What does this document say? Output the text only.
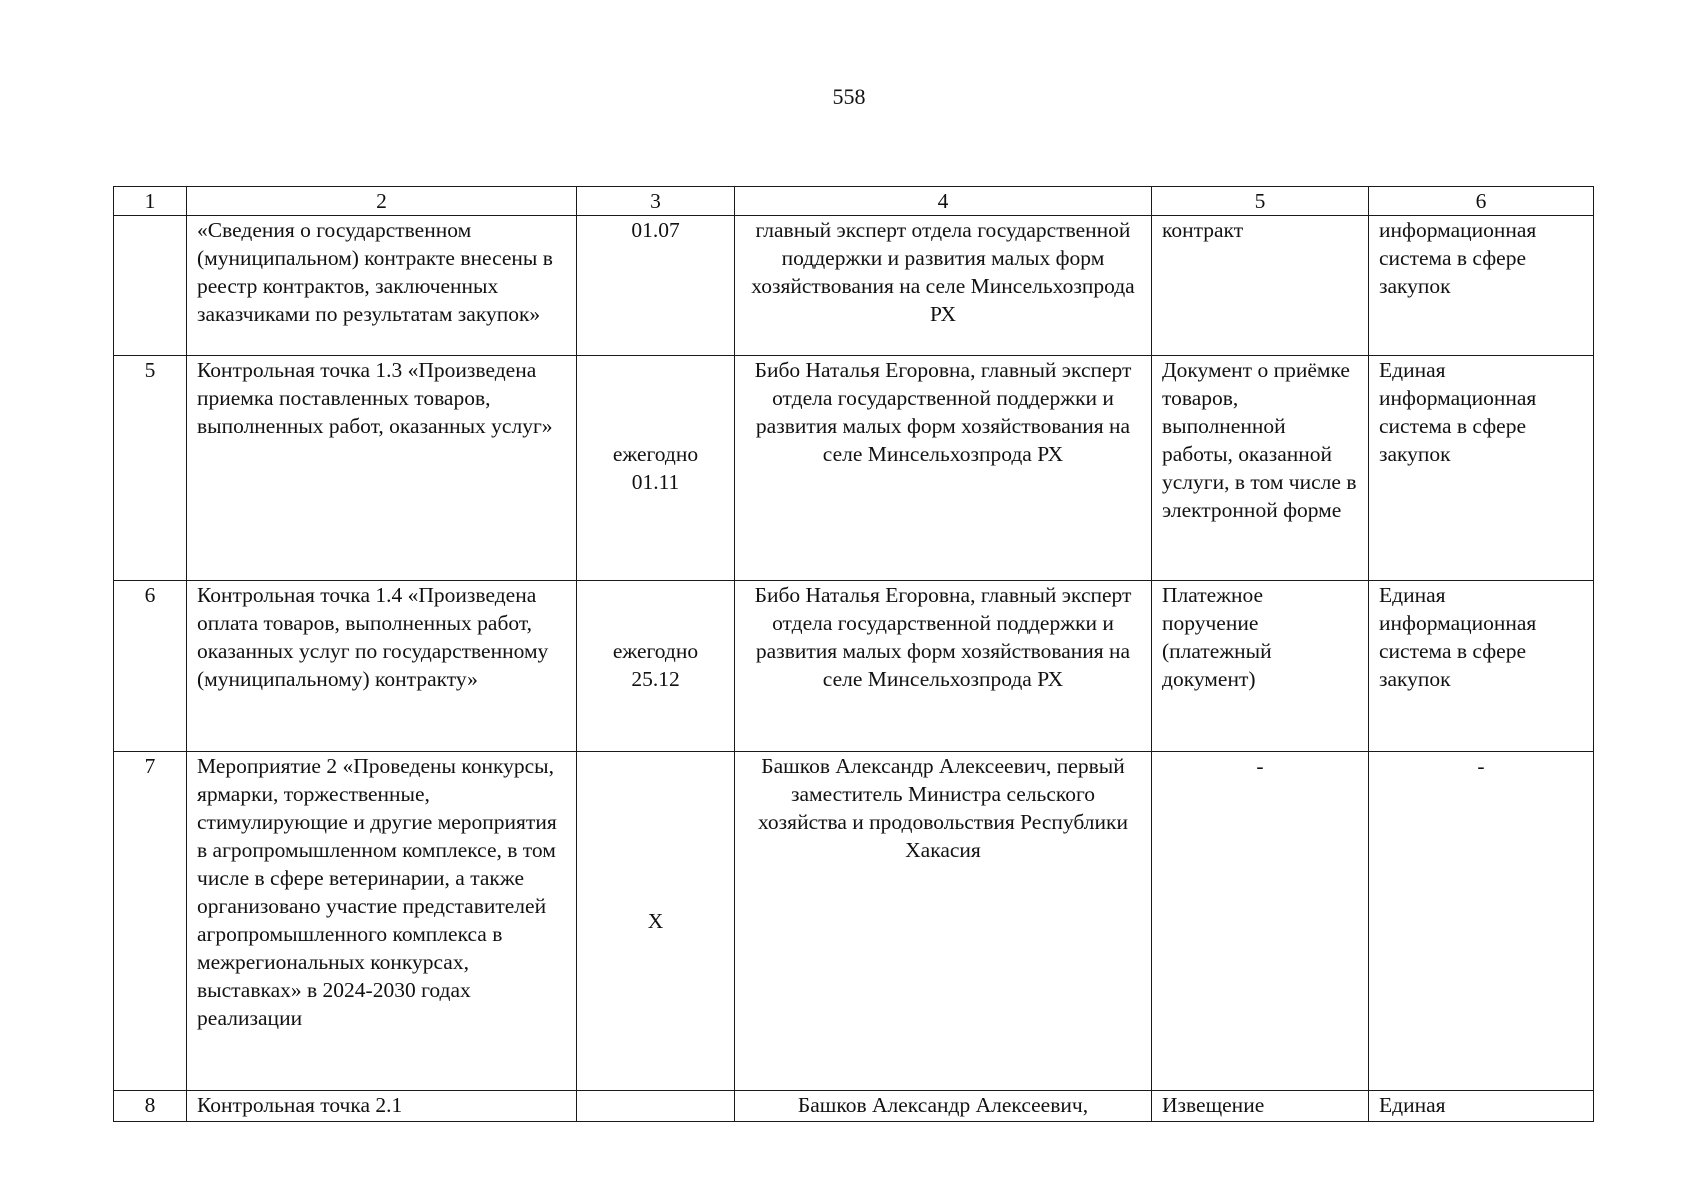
558
1	2	3	4	5	6
	«Сведения о государственном (муниципальном) контракте внесены в реестр контрактов, заключенных заказчиками по результатам закупок»	01.07	главный эксперт отдела государственной поддержки и развития малых форм хозяйствования на селе Минсельхозпрода РХ	контракт	информационная система в сфере закупок
5	Контрольная точка 1.3 «Произведена приемка поставленных товаров, выполненных работ, оказанных услуг»	ежегодно 01.11	Бибо Наталья Егоровна, главный эксперт отдела государственной поддержки и развития малых форм хозяйствования на селе Минсельхозпрода РХ	Документ о приёмке товаров, выполненной работы, оказанной услуги, в том числе в электронной форме	Единая информационная система в сфере закупок
6	Контрольная точка 1.4 «Произведена оплата товаров, выполненных работ, оказанных услуг по государственному (муниципальному) контракту»	ежегодно 25.12	Бибо Наталья Егоровна, главный эксперт отдела государственной поддержки и развития малых форм хозяйствования на селе Минсельхозпрода РХ	Платежное поручение (платежный документ)	Единая информационная система в сфере закупок
7	Мероприятие 2 «Проведены конкурсы, ярмарки, торжественные, стимулирующие и другие мероприятия в агропромышленном комплексе, в том числе в сфере ветеринарии, а также организовано участие представителей агропромышленного комплекса в межрегиональных конкурсах, выставках» в 2024-2030 годах реализации	Х	Башков Александр Алексеевич, первый заместитель Министра сельского хозяйства и продовольствия Республики Хакасия	-	-
8	Контрольная точка 2.1		Башков Александр Алексеевич,	Извещение	Единая
